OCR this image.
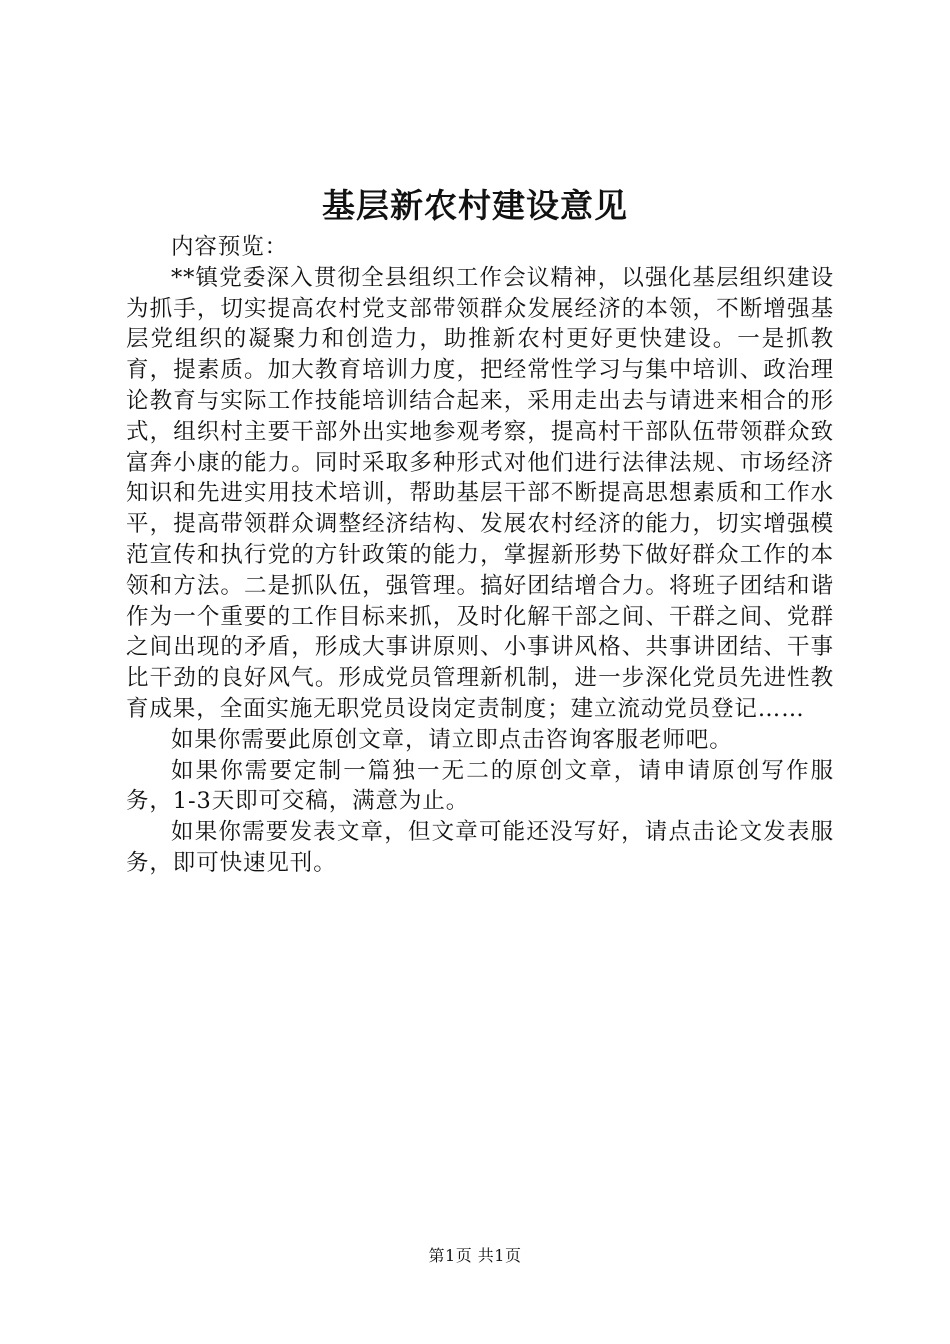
基层新农村建设意见

内容预览：

**镇党委深入贯彻全县组织工作会议精神，以强化基层组织建设为抓手，切实提高农村党支部带领群众发展经济的本领，不断增强基层党组织的凝聚力和创造力，助推新农村更好更快建设。一是抓教育，提素质。加大教育培训力度，把经常性学习与集中培训、政治理论教育与实际工作技能培训结合起来，采用走出去与请进来相合的形式，组织村主要干部外出实地参观考察，提高村干部队伍带领群众致富奔小康的能力。同时采取多种形式对他们进行法律法规、市场经济知识和先进实用技术培训，帮助基层干部不断提高思想素质和工作水平，提高带领群众调整经济结构、发展农村经济的能力，切实增强模范宣传和执行党的方针政策的能力，掌握新形势下做好群众工作的本领和方法。二是抓队伍，强管理。搞好团结增合力。将班子团结和谐作为一个重要的工作目标来抓，及时化解干部之间、干群之间、党群之间出现的矛盾，形成大事讲原则、小事讲风格、共事讲团结、干事比干劲的良好风气。形成党员管理新机制，进一步深化党员先进性教育成果，全面实施无职党员设岗定责制度；建立流动党员登记……

如果你需要此原创文章，请立即点击咨询客服老师吧。

如果你需要定制一篇独一无二的原创文章，请申请原创写作服务，1-3天即可交稿，满意为止。

如果你需要发表文章，但文章可能还没写好，请点击论文发表服务，即可快速见刊。

第1页 共1页
